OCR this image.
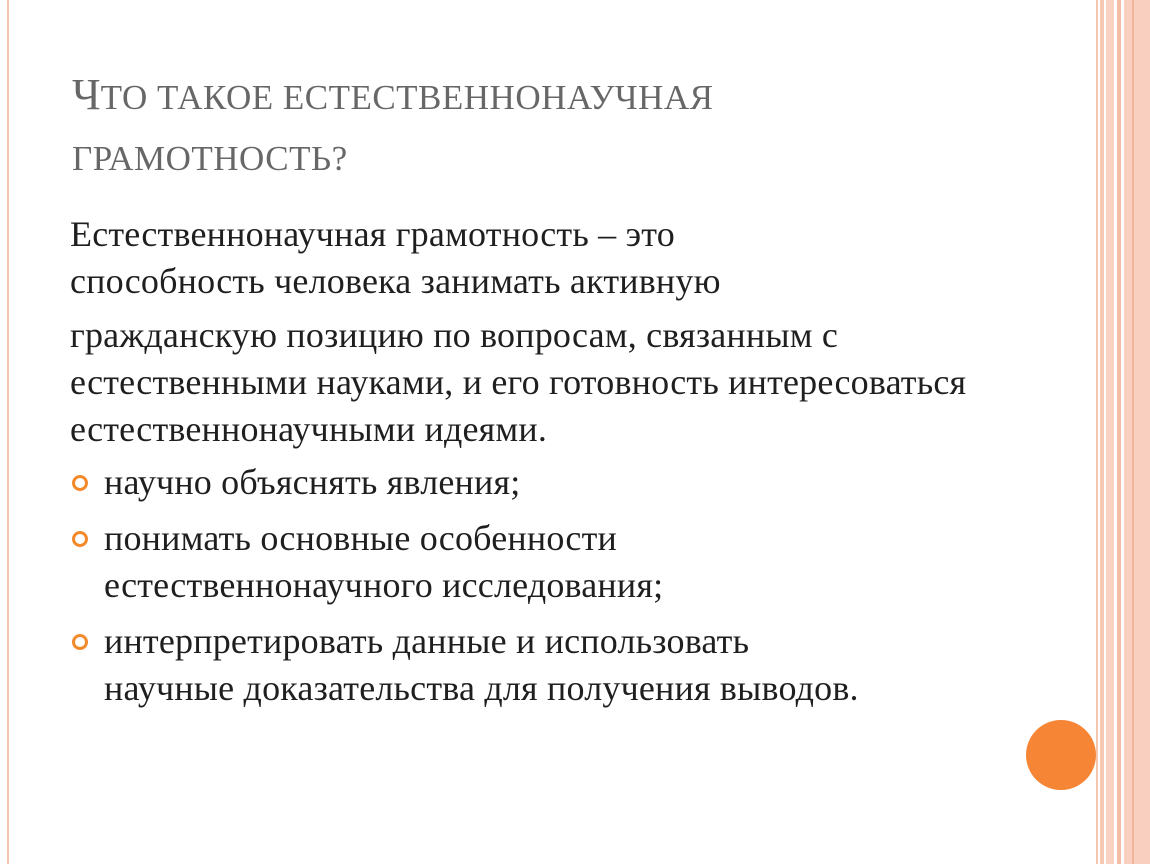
ЧТО ТАКОЕ ЕСТЕСТВЕННОНАУЧНАЯ
ГРАМОТНОСТЬ?

Естественнонаучная грамотность – это способность человека занимать активную

гражданскую позицию по вопросам, связанным с естественными науками, и его готовность интересоваться естественнонаучными идеями.

научно объяснять явления;
понимать основные особенности естественнонаучного исследования;
интерпретировать данные и использовать научные доказательства для получения выводов.
